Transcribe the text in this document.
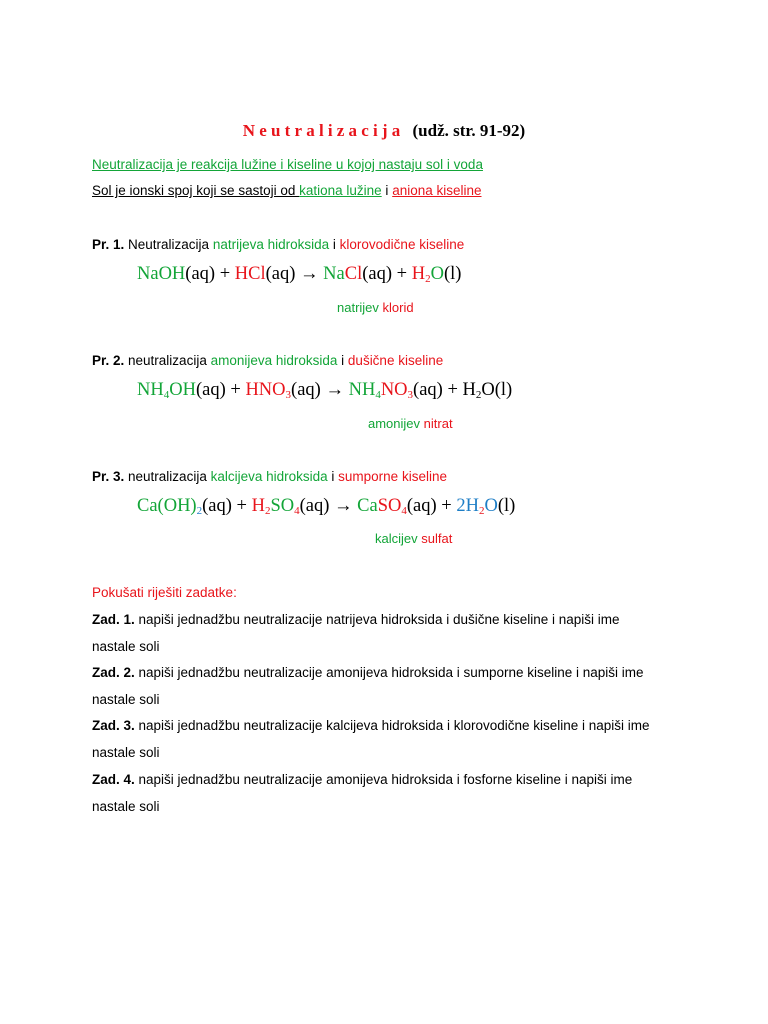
Neutralizacija (udž. str. 91-92)
Neutralizacija je reakcija lužine i kiseline u kojoj nastaju sol i voda
Sol je ionski spoj koji se sastoji od kationa lužine i aniona kiseline
Pr. 1. Neutralizacija natrijeva hidroksida i klorovodične kiseline
NaOH(aq) + HCl(aq) → NaCl(aq) + $H_2O(l)$
natrijev klorid
Pr. 2. neutralizacija amonijeva hidroksida i dušične kiseline
$NH_4OH(aq) + HNO_3(aq) \to NH_4NO_3(aq) + H_2O(l)$
amonijev nitrat
Pr. 3. neutralizacija kalcijeva hidroksida i sumporne kiseline
$Ca(OH)_2(aq) + H_2SO_4(aq)$ → CaSO$_4$(aq) + $2H_2O(l)$
kalcijev sulfat
Pokušati riješiti zadatke:
Zad. 1. napiši jednadžbu neutralizacije natrijeva hidroksida i dušične kiseline i napiši ime
nastale soli
Zad. 2. napiši jednadžbu neutralizacije amonijeva hidroksida i sumporne kiseline i napiši ime
nastale soli
Zad. 3. napiši jednadžbu neutralizacije kalcijeva hidroksida i klorovodične kiseline i napiši ime
nastale soli
Zad. 4. napiši jednadžbu neutralizacije amonijeva hidroksida i fosforne kiseline i napiši ime
nastale soli
